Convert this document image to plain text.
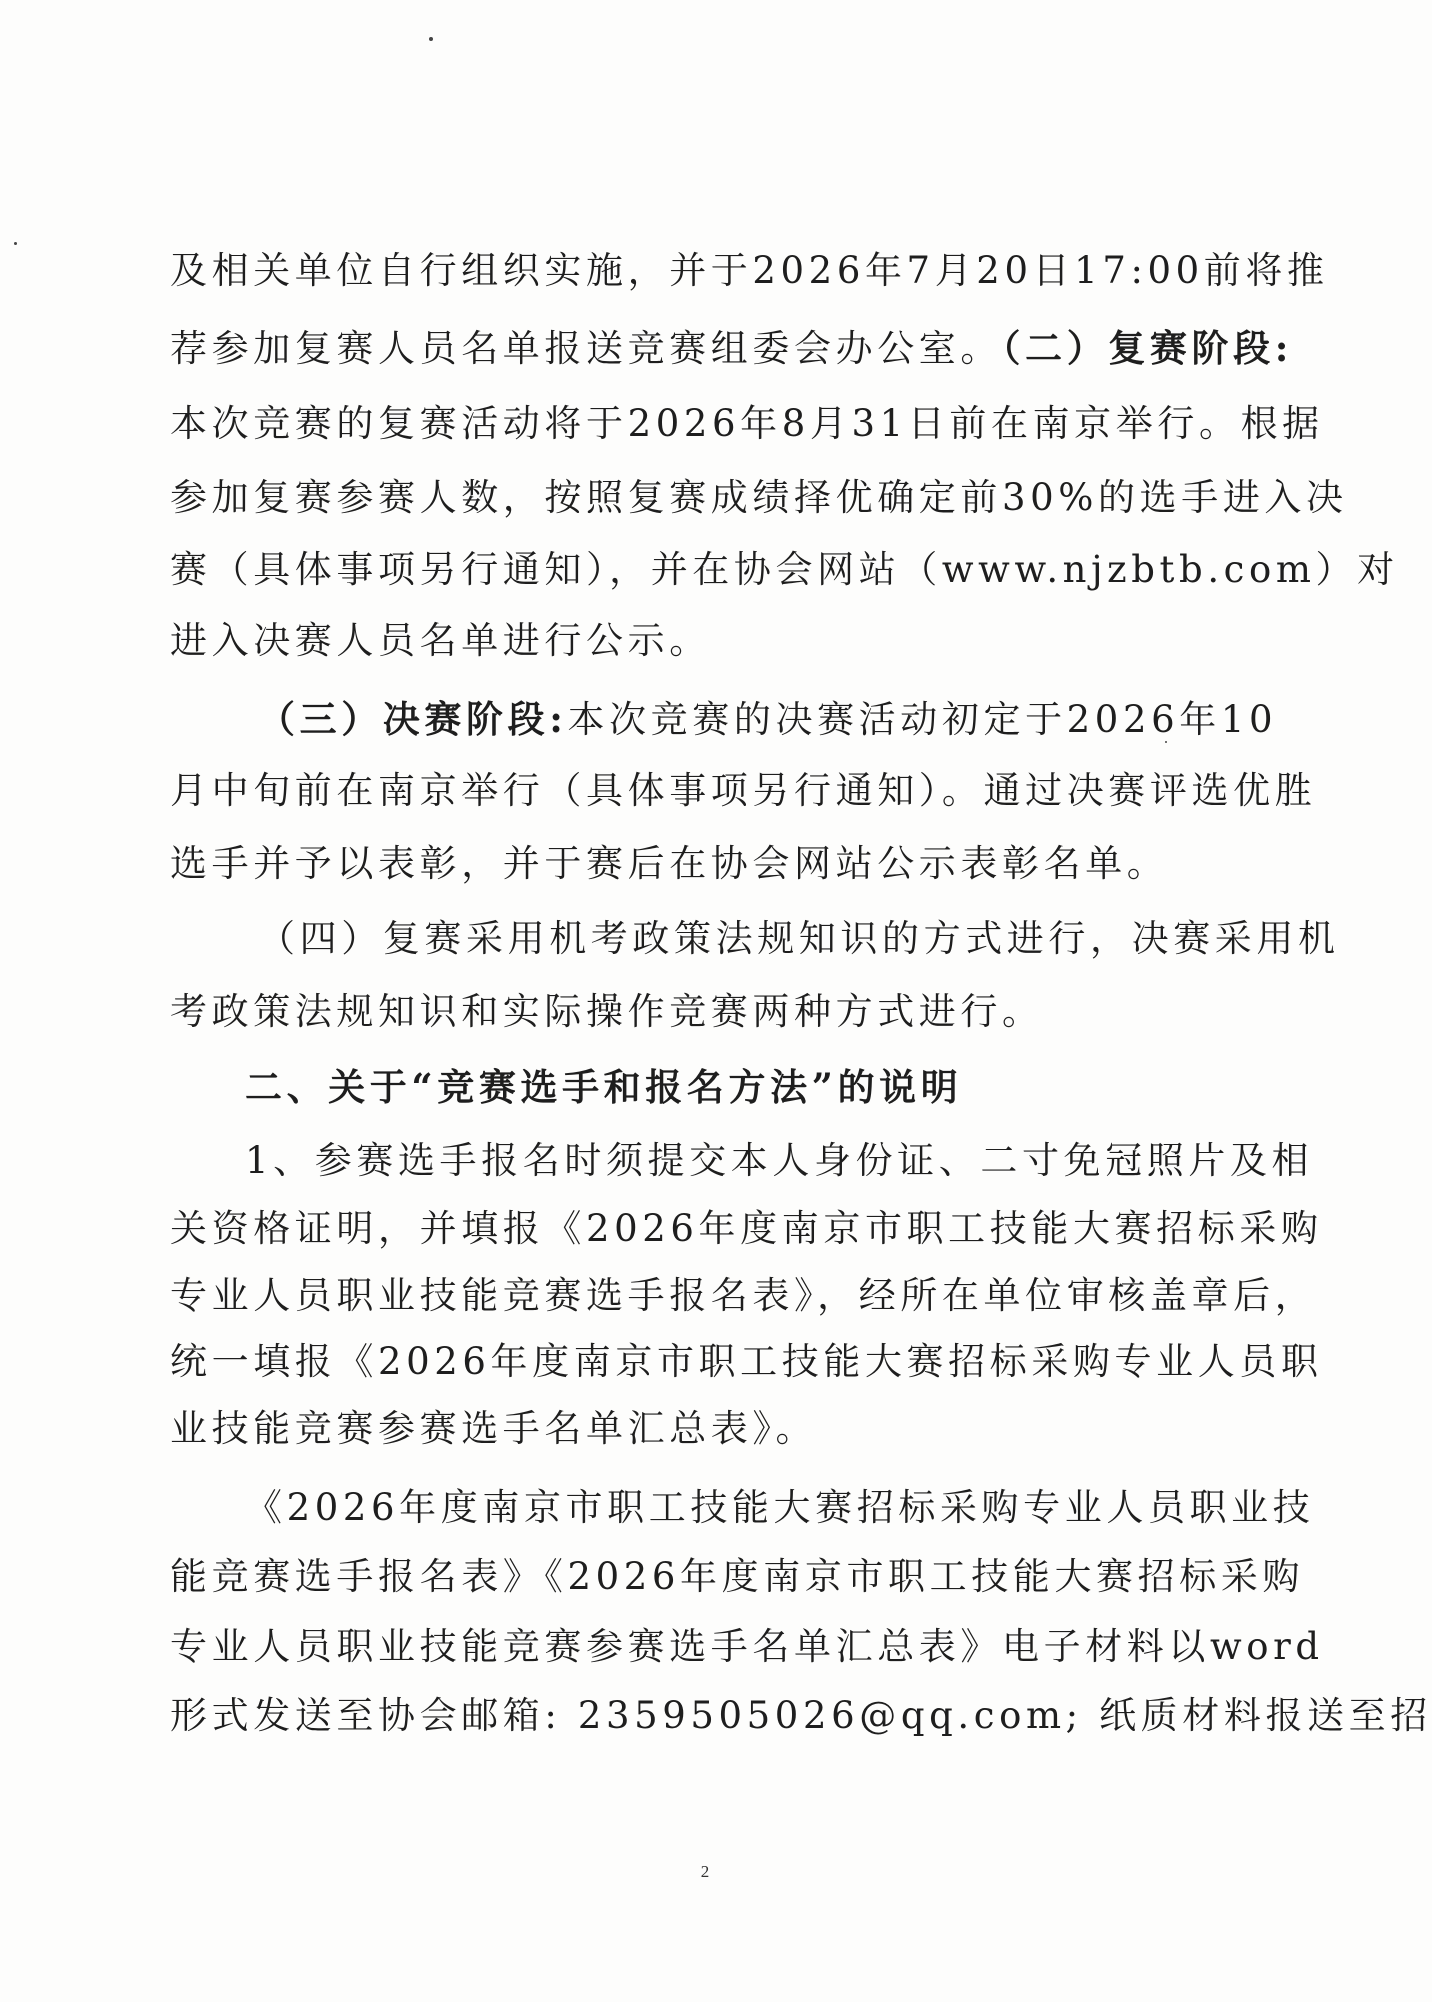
及相关单位自行组织实施，并于2026年7月20日17:00前将推
荐参加复赛人员名单报送竞赛组委会办公室。（二）复赛阶段:
本次竞赛的复赛活动将于2026年8月31日前在南京举行。根据
参加复赛参赛人数，按照复赛成绩择优确定前30%的选手进入决
赛（具体事项另行通知），并在协会网站（www.njzbtb.com）对
进入决赛人员名单进行公示。
（三）决赛阶段:本次竞赛的决赛活动初定于2026年10
月中旬前在南京举行（具体事项另行通知）。通过决赛评选优胜
选手并予以表彰，并于赛后在协会网站公示表彰名单。
（四）复赛采用机考政策法规知识的方式进行，决赛采用机
考政策法规知识和实际操作竞赛两种方式进行。
二、关于“竞赛选手和报名方法”的说明
1、参赛选手报名时须提交本人身份证、二寸免冠照片及相
关资格证明，并填报《2026年度南京市职工技能大赛招标采购
专业人员职业技能竞赛选手报名表》，经所在单位审核盖章后，
统一填报《2026年度南京市职工技能大赛招标采购专业人员职
业技能竞赛参赛选手名单汇总表》。
《2026年度南京市职工技能大赛招标采购专业人员职业技
能竞赛选手报名表》《2026年度南京市职工技能大赛招标采购
专业人员职业技能竞赛参赛选手名单汇总表》电子材料以word
形式发送至协会邮箱: 2359505026@qq.com; 纸质材料报送至招
2
